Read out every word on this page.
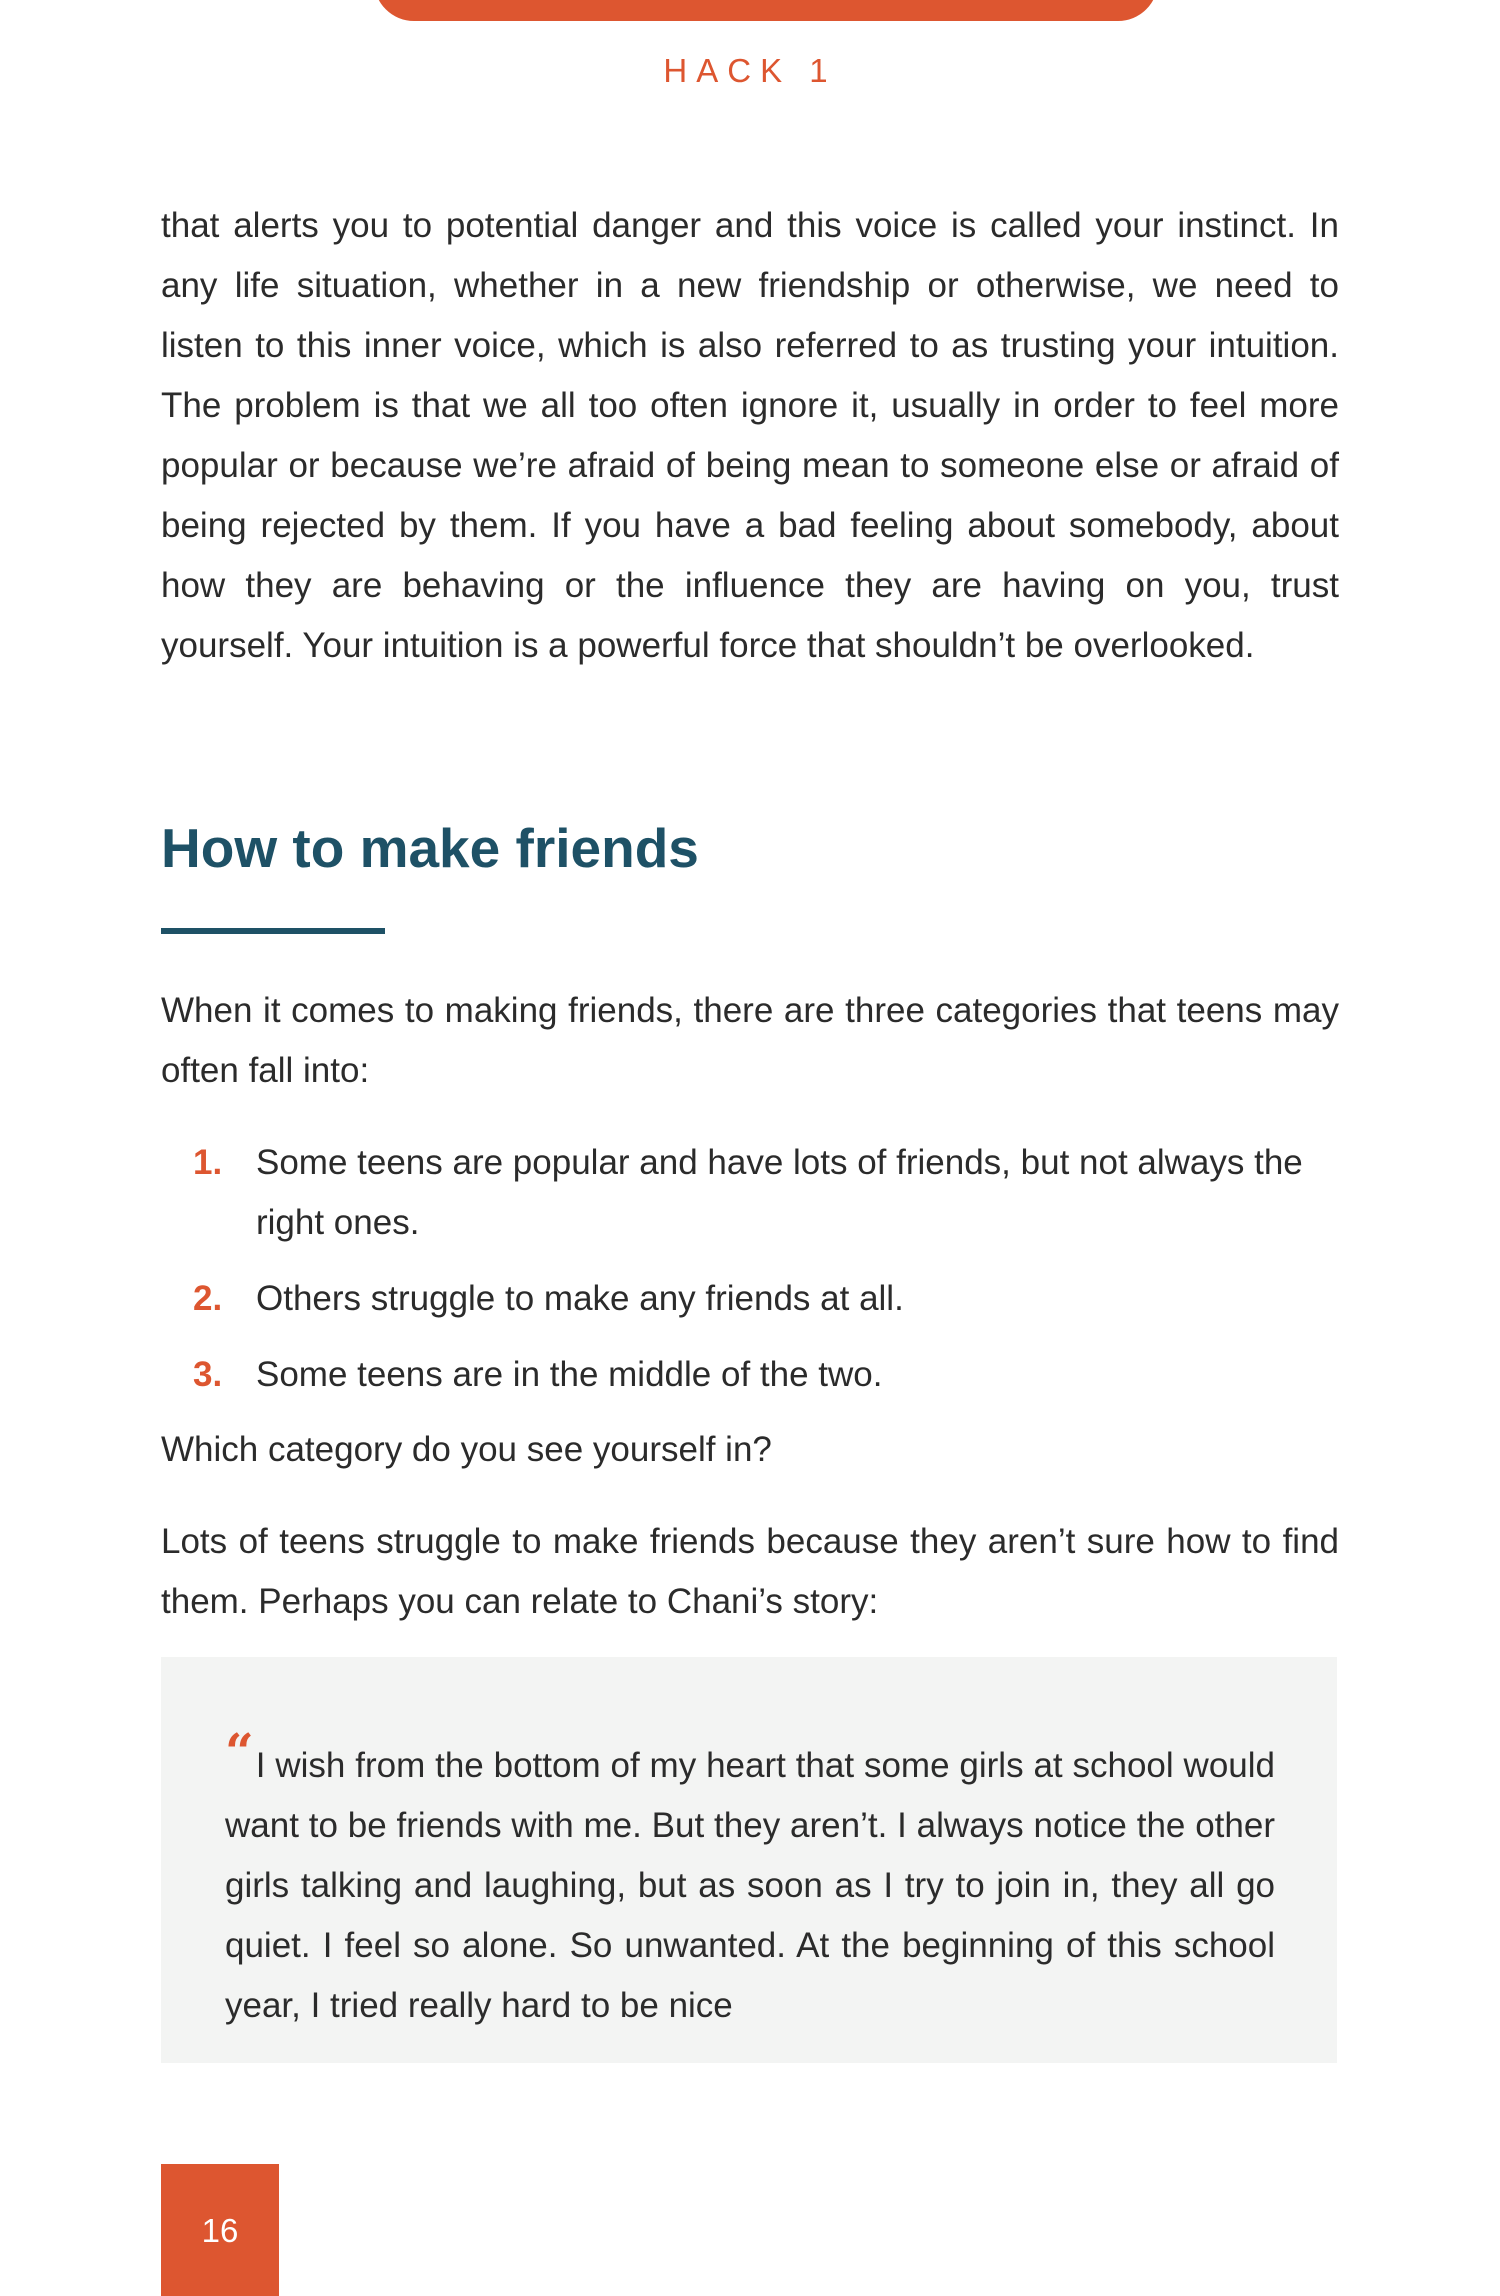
HACK 1

that alerts you to potential danger and this voice is called your instinct. In any life situation, whether in a new friendship or otherwise, we need to listen to this inner voice, which is also referred to as trusting your intuition. The problem is that we all too often ignore it, usually in order to feel more popular or because we’re afraid of being mean to someone else or afraid of being rejected by them. If you have a bad feeling about somebody, about how they are behaving or the influence they are having on you, trust yourself. Your intuition is a powerful force that shouldn’t be overlooked.

How to make friends

When it comes to making friends, there are three categories that teens may often fall into:

1. Some teens are popular and have lots of friends, but not always the right ones.
2. Others struggle to make any friends at all.
3. Some teens are in the middle of the two.

Which category do you see yourself in?

Lots of teens struggle to make friends because they aren’t sure how to find them. Perhaps you can relate to Chani’s story:

“I wish from the bottom of my heart that some girls at school would want to be friends with me. But they aren’t. I always notice the other girls talking and laughing, but as soon as I try to join in, they all go quiet. I feel so alone. So unwanted. At the beginning of this school year, I tried really hard to be nice

16
